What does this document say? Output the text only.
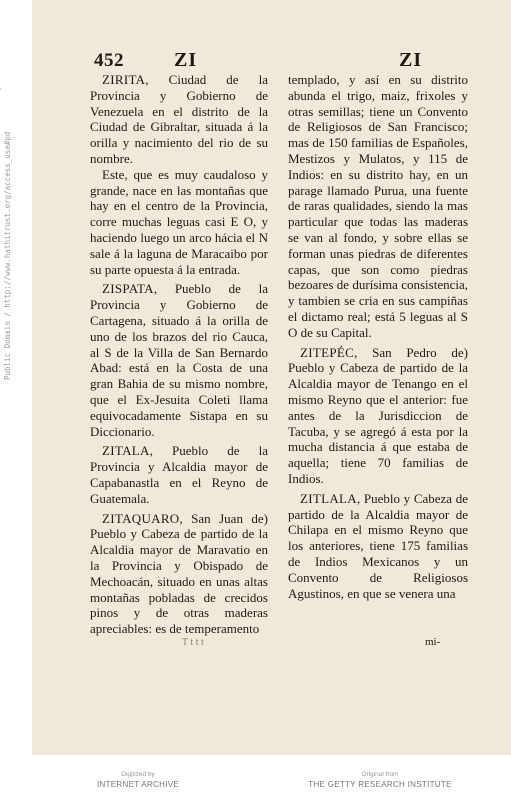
452	ZI	ZI

ZIRITA, Ciudad de la Provincia y Gobierno de Venezuela en el distrito de la Ciudad de Gibraltar, situada á la orilla y nacimiento del rio de su nombre.

Este, que es muy caudaloso y grande, nace en las montañas que hay en el centro de la Provincia, corre muchas leguas casi E O, y haciendo luego un arco hácia el N sale á la laguna de Maracaibo por su parte opuesta á la entrada.

ZISPATA, Pueblo de la Provincia y Gobierno de Cartagena, situado á la orilla de uno de los brazos del rio Cauca, al S de la Villa de San Bernardo Abad: está en la Costa de una gran Bahia de su mismo nombre, que el Ex-Jesuita Coleti llama equivocadamente Sistapa en su Diccionario.

ZITALA, Pueblo de la Provincia y Alcaldia mayor de Capabanastla en el Reyno de Guatemala.

ZITAQUARO, San Juan de) Pueblo y Cabeza de partido de la Alcaldia mayor de Maravatio en la Provincia y Obispado de Mechoacán, situado en unas altas montañas pobladas de crecidos pinos y de otras maderas apreciables: es de temperamento

templado, y así en su distrito abunda el trigo, maiz, frixoles y otras semillas; tiene un Convento de Religiosos de San Francisco; mas de 150 familias de Españoles, Mestizos y Mulatos, y 115 de Indios: en su distrito hay, en un parage llamado Purua, una fuente de raras qualidades, siendo la mas particular que todas las maderas se van al fondo, y sobre ellas se forman unas piedras de diferentes capas, que son como piedras bezoares de durísima consistencia, y tambien se cria en sus campiñas el dictamo real; está 5 leguas al S O de su Capital.

ZITEPÉC, San Pedro de) Pueblo y Cabeza de partido de la Alcaldia mayor de Tenango en el mismo Reyno que el anterior: fue antes de la Jurisdiccion de Tacuba, y se agregó á esta por la mucha distancia á que estaba de aquella; tiene 70 familias de Indios.

ZITLALA, Pueblo y Cabeza de partido de la Alcaldia mayor de Chilapa en el mismo Reyno que los anteriores, tiene 175 familias de Indios Mexicanos y un Convento de Religiosos Agustinos, en que se venera una

T t t t	mi-
Public Domain / http://www.hathitrust.org/access_use#pd
Digitized by
INTERNET ARCHIVE
Original from
THE GETTY RESEARCH INSTITUTE
